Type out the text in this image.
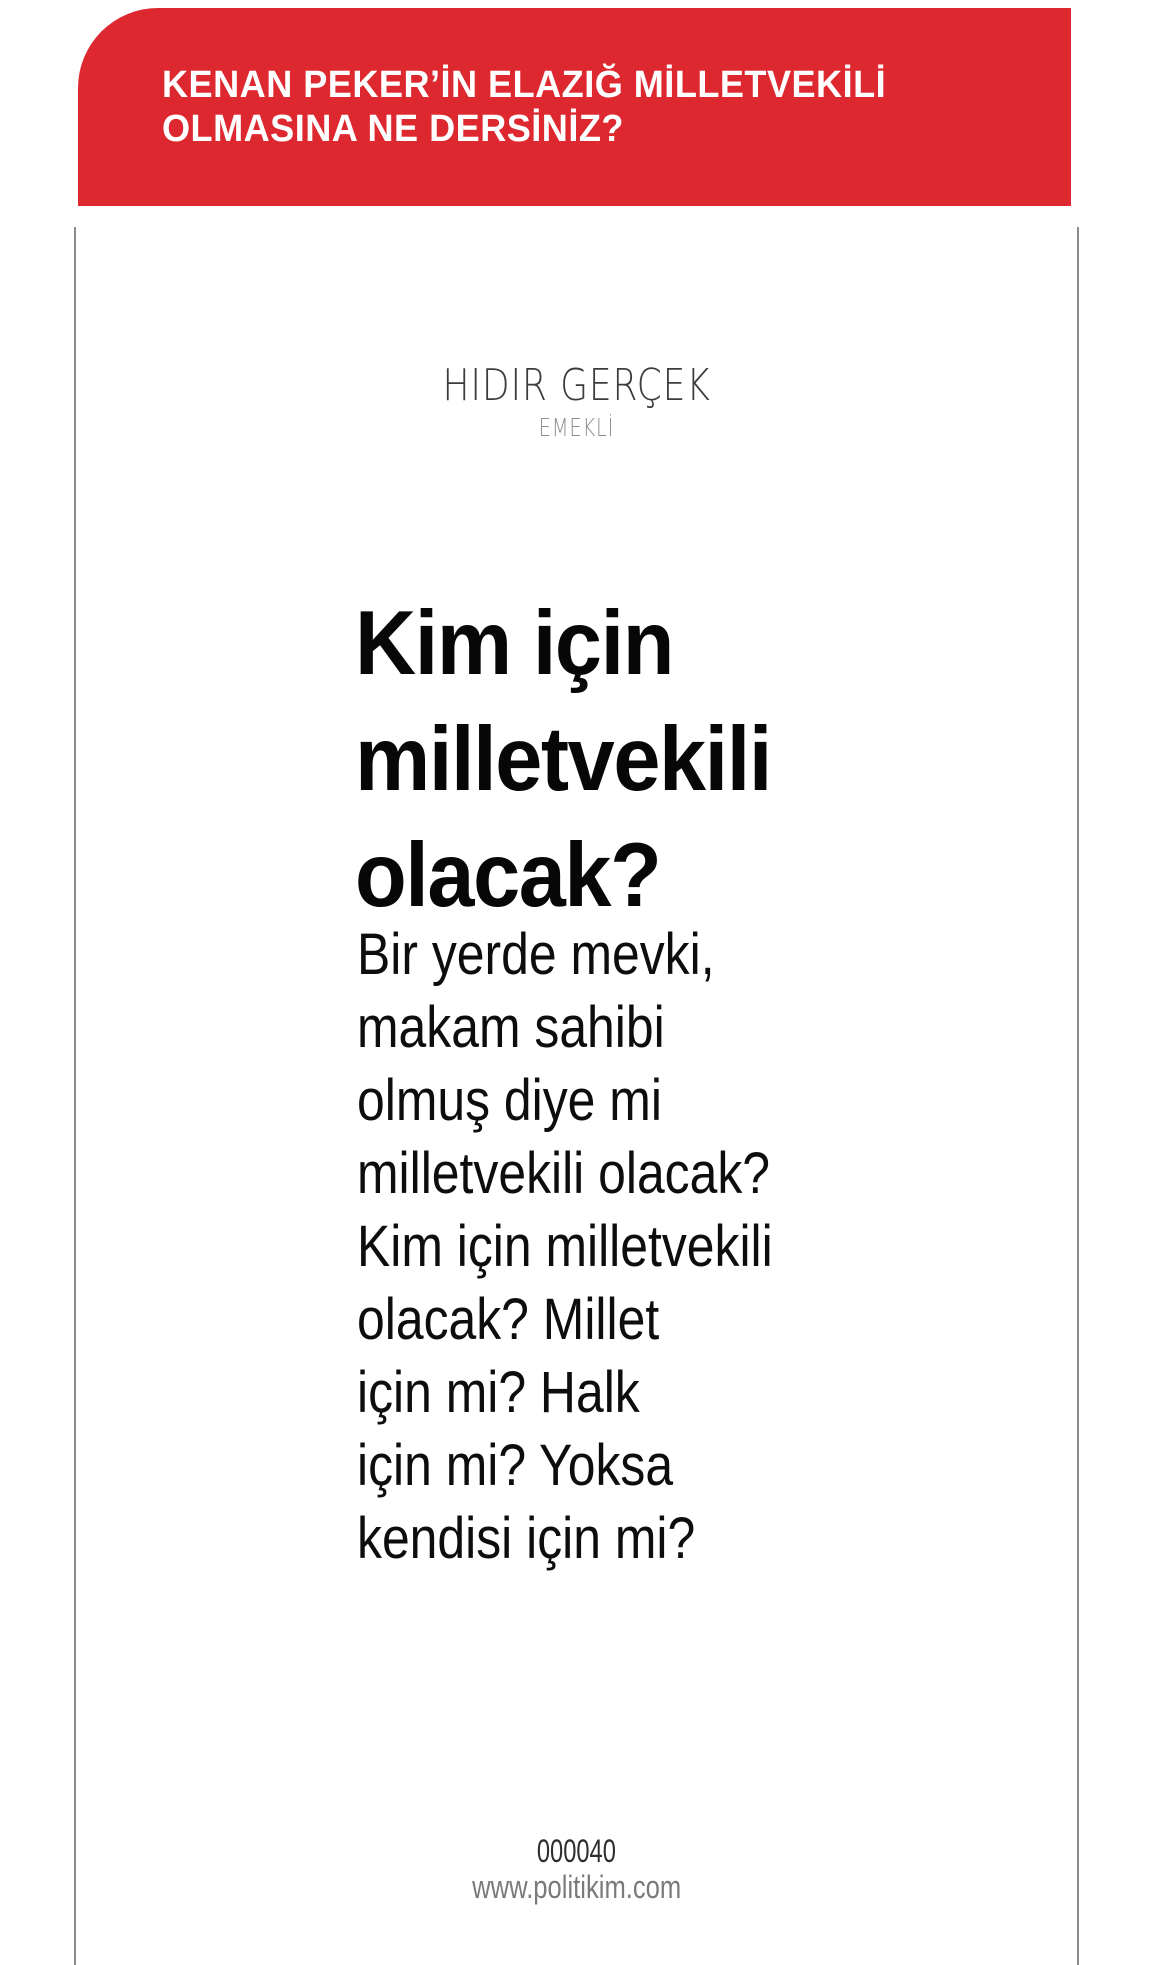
KENAN PEKER’İN ELAZIĞ MİLLETVEKİLİ
OLMASINA NE DERSİNİZ?
HIDIR GERÇEK
EMEKLİ
Kim için
milletvekili
olacak?
Bir yerde mevki,
makam sahibi
olmuş diye mi
milletvekili olacak?
Kim için milletvekili
olacak? Millet
için mi? Halk
için mi? Yoksa
kendisi için mi?
000040
www.politikim.com
